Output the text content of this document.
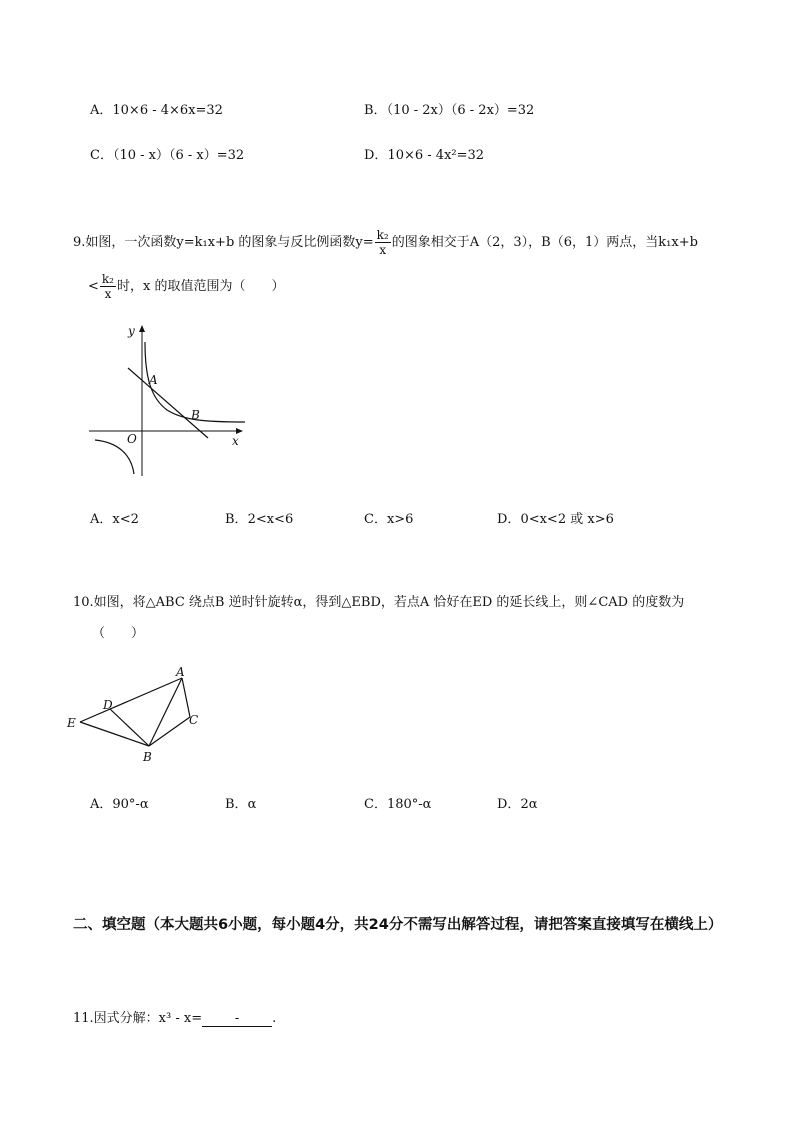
A．10×6 - 4×6x=32	B．（10 - 2x）（6 - 2x）=32
C．（10 - x）（6 - x）=32	D．10×6 - 4x²=32
9.如图，一次函数y=k₁x+b 的图象与反比例函数$y= \frac{\text{k₂}}{x}$ 的图象相交于A（2，3），B（6，1）两点，当k₁x+b
< $\frac{\text{k₂}}{x}$ 时，x 的取值范围为（　　）
y
x
O
A
B
A．x<2	B．2<x<6	C．x>6	D．0<x<2 或 x>6
10.如图，将△ABC 绕点B 逆时针旋转α，得到△EBD，若点A 恰好在ED 的延长线上，则∠CAD 的度数为
（　　）
A
B
C
D
E
A．90°-α	B．α	C．180°-α	D．2α
二、填空题（本大题共6小题，每小题4分，共24分不需写出解答过程，请把答案直接填写在横线上）
11.因式分解：x³ - x=	-	.
